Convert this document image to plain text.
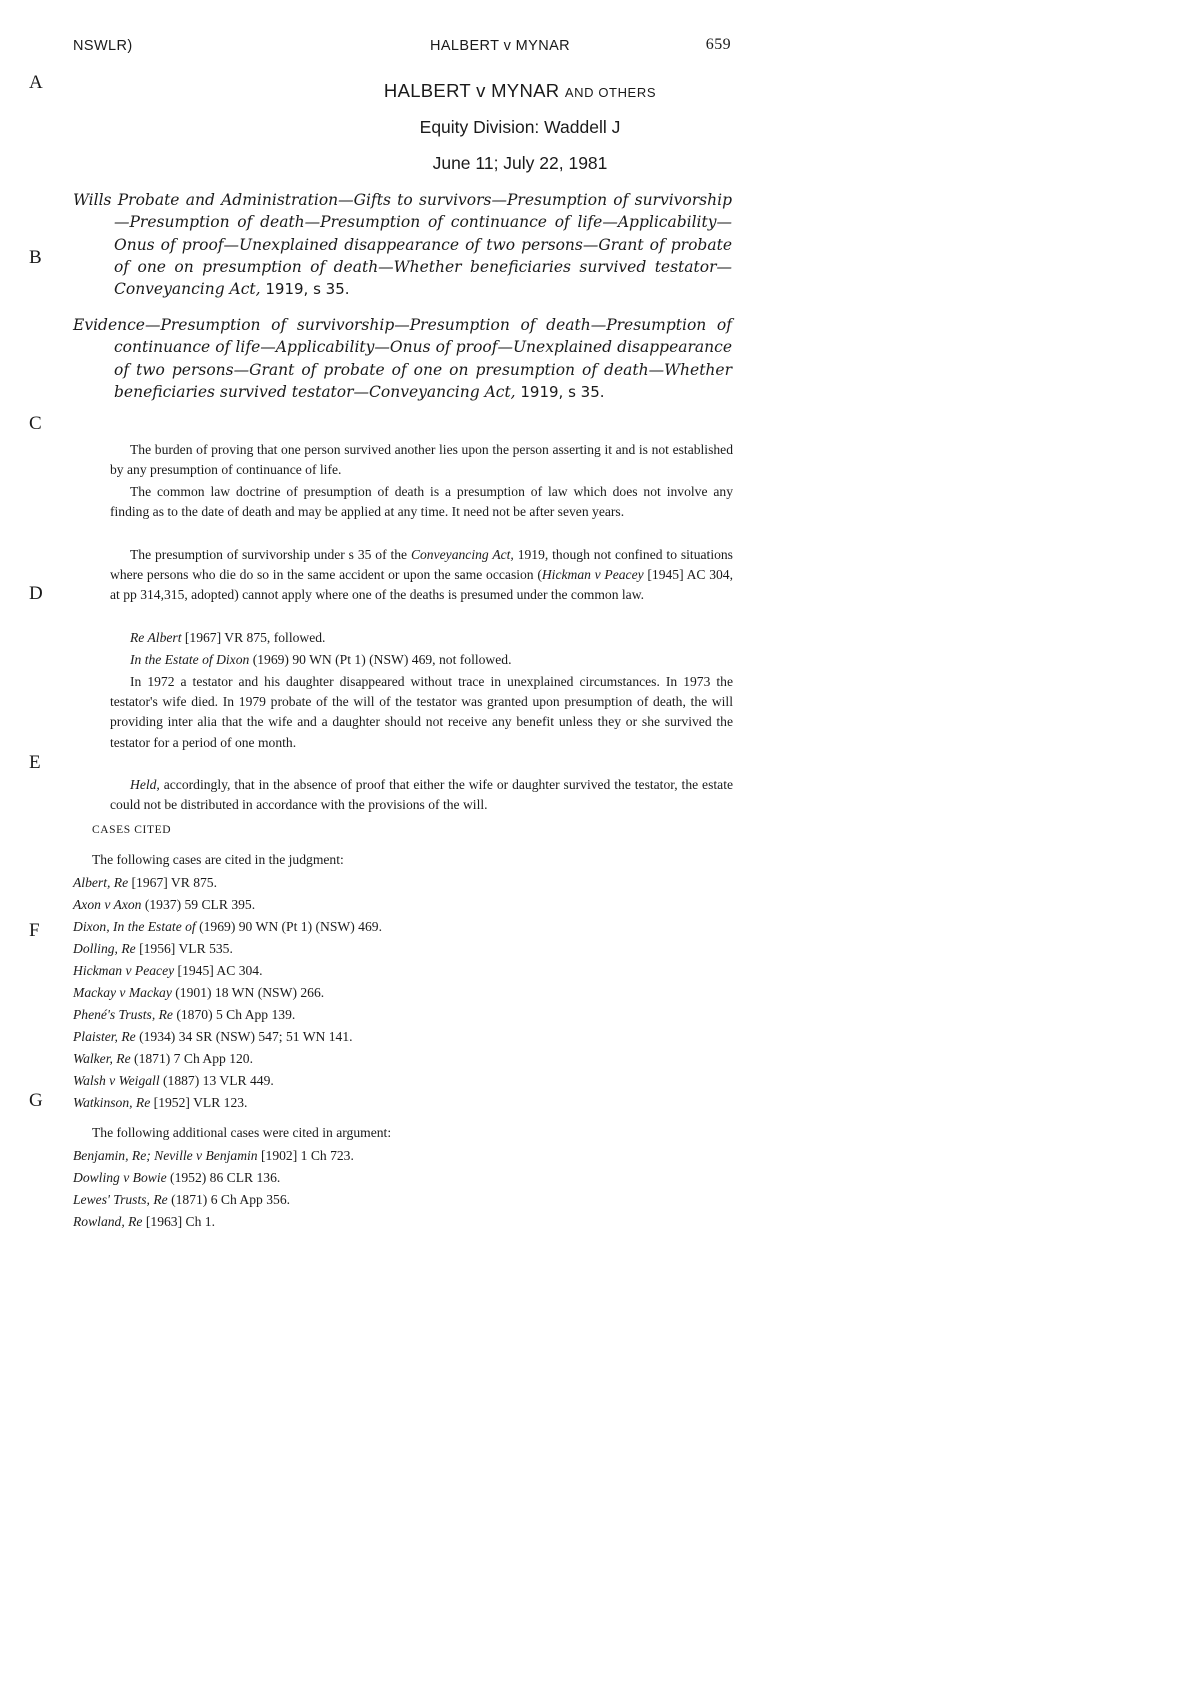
NSWLR)	HALBERT v MYNAR	659
A
B
C
D
E
F
G
HALBERT v MYNAR AND OTHERS
Equity Division: Waddell J
June 11; July 22, 1981
Wills Probate and Administration—Gifts to survivors—Presumption of survivorship—Presumption of death—Presumption of continuance of life—Applicability—Onus of proof—Unexplained disappearance of two persons—Grant of probate of one on presumption of death—Whether beneficiaries survived testator—Conveyancing Act, 1919, s 35.
Evidence—Presumption of survivorship—Presumption of death—Presumption of continuance of life—Applicability—Onus of proof—Unexplained disappearance of two persons—Grant of probate of one on presumption of death—Whether beneficiaries survived testator—Conveyancing Act, 1919, s 35.

The burden of proving that one person survived another lies upon the person asserting it and is not established by any presumption of continuance of life.

The common law doctrine of presumption of death is a presumption of law which does not involve any finding as to the date of death and may be applied at any time. It need not be after seven years.

The presumption of survivorship under s 35 of the Conveyancing Act, 1919, though not confined to situations where persons who die do so in the same accident or upon the same occasion (Hickman v Peacey [1945] AC 304, at pp 314,315, adopted) cannot apply where one of the deaths is presumed under the common law.

Re Albert [1967] VR 875, followed.

In the Estate of Dixon (1969) 90 WN (Pt 1) (NSW) 469, not followed.

In 1972 a testator and his daughter disappeared without trace in unexplained circumstances. In 1973 the testator's wife died. In 1979 probate of the will of the testator was granted upon presumption of death, the will providing inter alia that the wife and a daughter should not receive any benefit unless they or she survived the testator for a period of one month.

Held, accordingly, that in the absence of proof that either the wife or daughter survived the testator, the estate could not be distributed in accordance with the provisions of the will.

CASES CITED
The following cases are cited in the judgment:
Albert, Re [1967] VR 875.
Axon v Axon (1937) 59 CLR 395.
Dixon, In the Estate of (1969) 90 WN (Pt 1) (NSW) 469.
Dolling, Re [1956] VLR 535.
Hickman v Peacey [1945] AC 304.
Mackay v Mackay (1901) 18 WN (NSW) 266.
Phené's Trusts, Re (1870) 5 Ch App 139.
Plaister, Re (1934) 34 SR (NSW) 547; 51 WN 141.
Walker, Re (1871) 7 Ch App 120.
Walsh v Weigall (1887) 13 VLR 449.
Watkinson, Re [1952] VLR 123.
The following additional cases were cited in argument:
Benjamin, Re; Neville v Benjamin [1902] 1 Ch 723.
Dowling v Bowie (1952) 86 CLR 136.
Lewes' Trusts, Re (1871) 6 Ch App 356.
Rowland, Re [1963] Ch 1.
